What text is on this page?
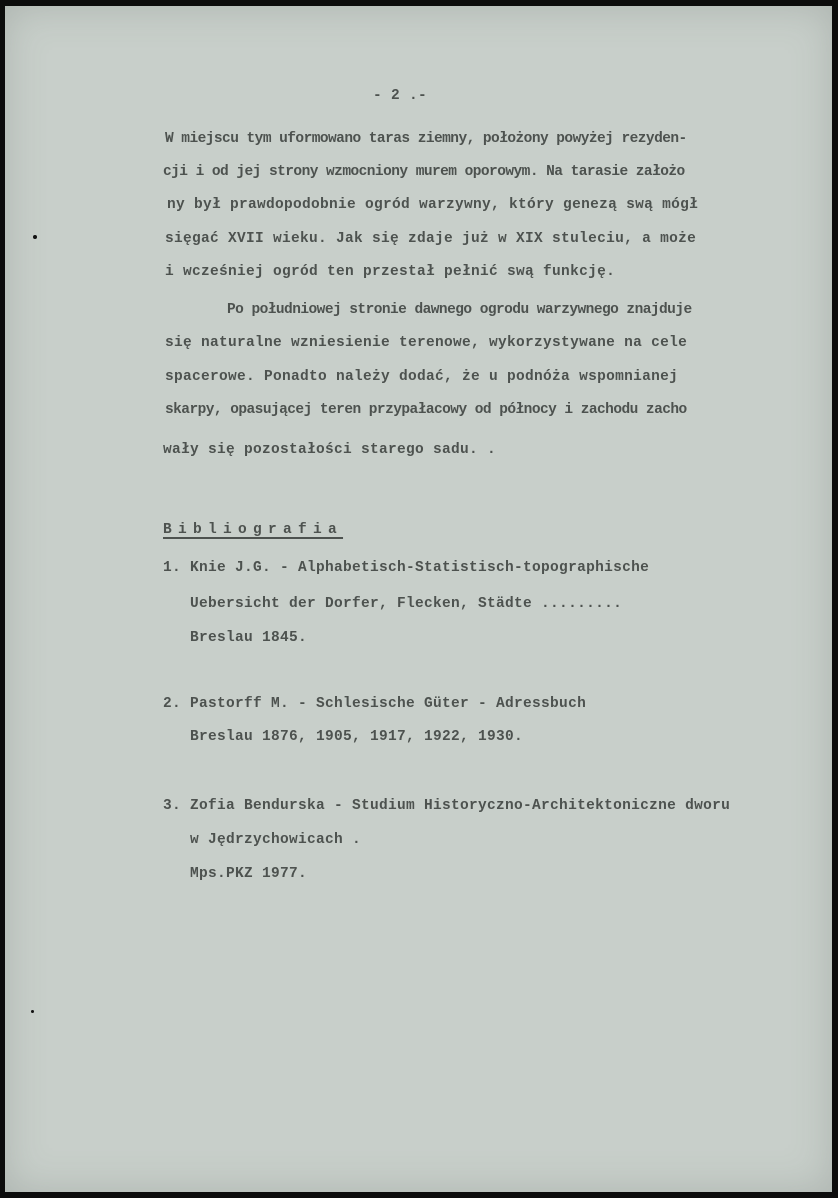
- 2 .-
W miejscu tym uformowano taras ziemny, położony powyżej rezyden-
cji i od jej strony wzmocniony murem oporowym. Na tarasie założo
ny był prawdopodobnie ogród warzywny, który genezą swą mógł
sięgać XVII wieku. Jak się zdaje już w XIX stuleciu, a może
i wcześniej ogród ten przestał pełnić swą funkcję.
Po południowej stronie dawnego ogrodu warzywnego znajduje
się naturalne wzniesienie terenowe, wykorzystywane na cele
spacerowe. Ponadto należy dodać, że u podnóża wspomnianej
skarpy, opasującej teren przypałacowy od północy i zachodu zacho
wały się pozostałości starego sadu. .
Bibliografia
1. Knie J.G. - Alphabetisch-Statistisch-topographische
Uebersicht der Dorfer, Flecken, Städte .........
Breslau 1845.
2. Pastorff M. - Schlesische Güter - Adressbuch
Breslau 1876, 1905, 1917, 1922, 1930.
3. Zofia Bendurska - Studium Historyczno-Architektoniczne dworu
w Jędrzychowicach .
Mps.PKZ 1977.
